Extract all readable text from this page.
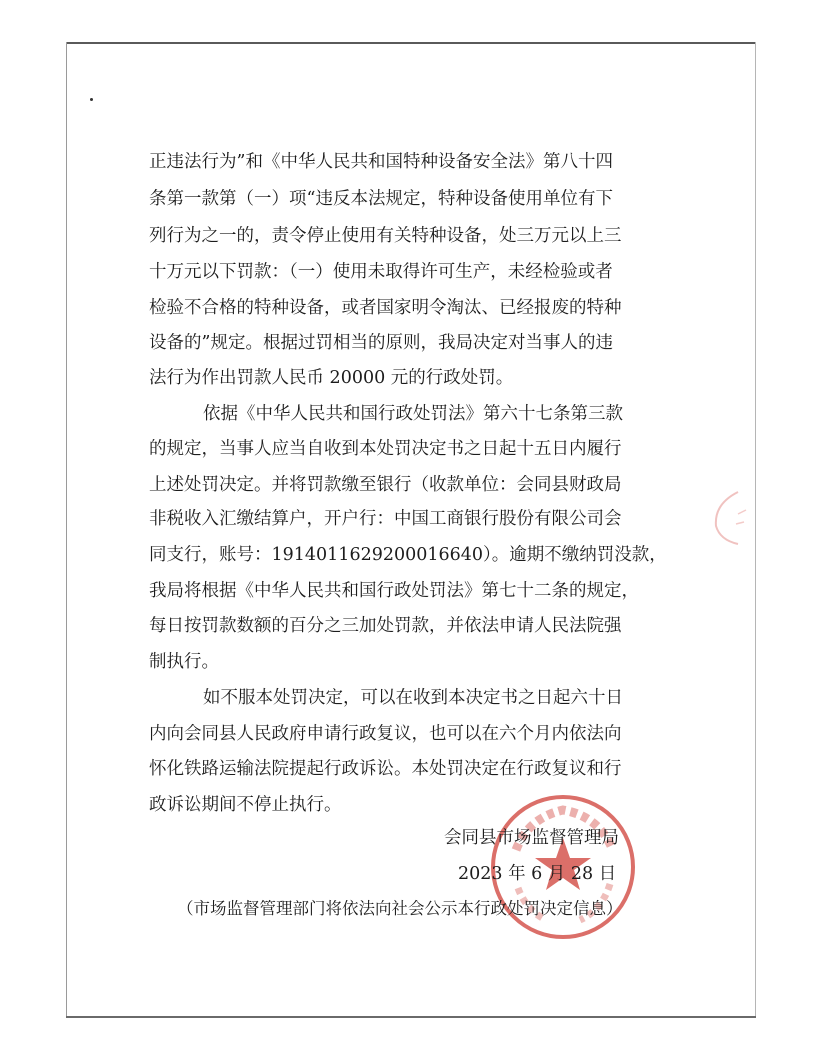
正违法行为”和《中华人民共和国特种设备安全法》第八十四
条第一款第（一）项“违反本法规定，特种设备使用单位有下
列行为之一的，责令停止使用有关特种设备，处三万元以上三
十万元以下罚款：（一）使用未取得许可生产，未经检验或者
检验不合格的特种设备，或者国家明令淘汰、已经报废的特种
设备的”规定。根据过罚相当的原则，我局决定对当事人的违
法行为作出罚款人民币 20000 元的行政处罚。
依据《中华人民共和国行政处罚法》第六十七条第三款
的规定，当事人应当自收到本处罚决定书之日起十五日内履行
上述处罚决定。并将罚款缴至银行（收款单位：会同县财政局
非税收入汇缴结算户，开户行：中国工商银行股份有限公司会
同支行，账号：1914011629200016640）。逾期不缴纳罚没款，
我局将根据《中华人民共和国行政处罚法》第七十二条的规定，
每日按罚款数额的百分之三加处罚款，并依法申请人民法院强
制执行。
如不服本处罚决定，可以在收到本决定书之日起六十日
内向会同县人民政府申请行政复议，也可以在六个月内依法向
怀化铁路运输法院提起行政诉讼。本处罚决定在行政复议和行
政诉讼期间不停止执行。
会同县市场监督管理局
2023 年 6 月 28 日
（市场监督管理部门将依法向社会公示本行政处罚决定信息）
